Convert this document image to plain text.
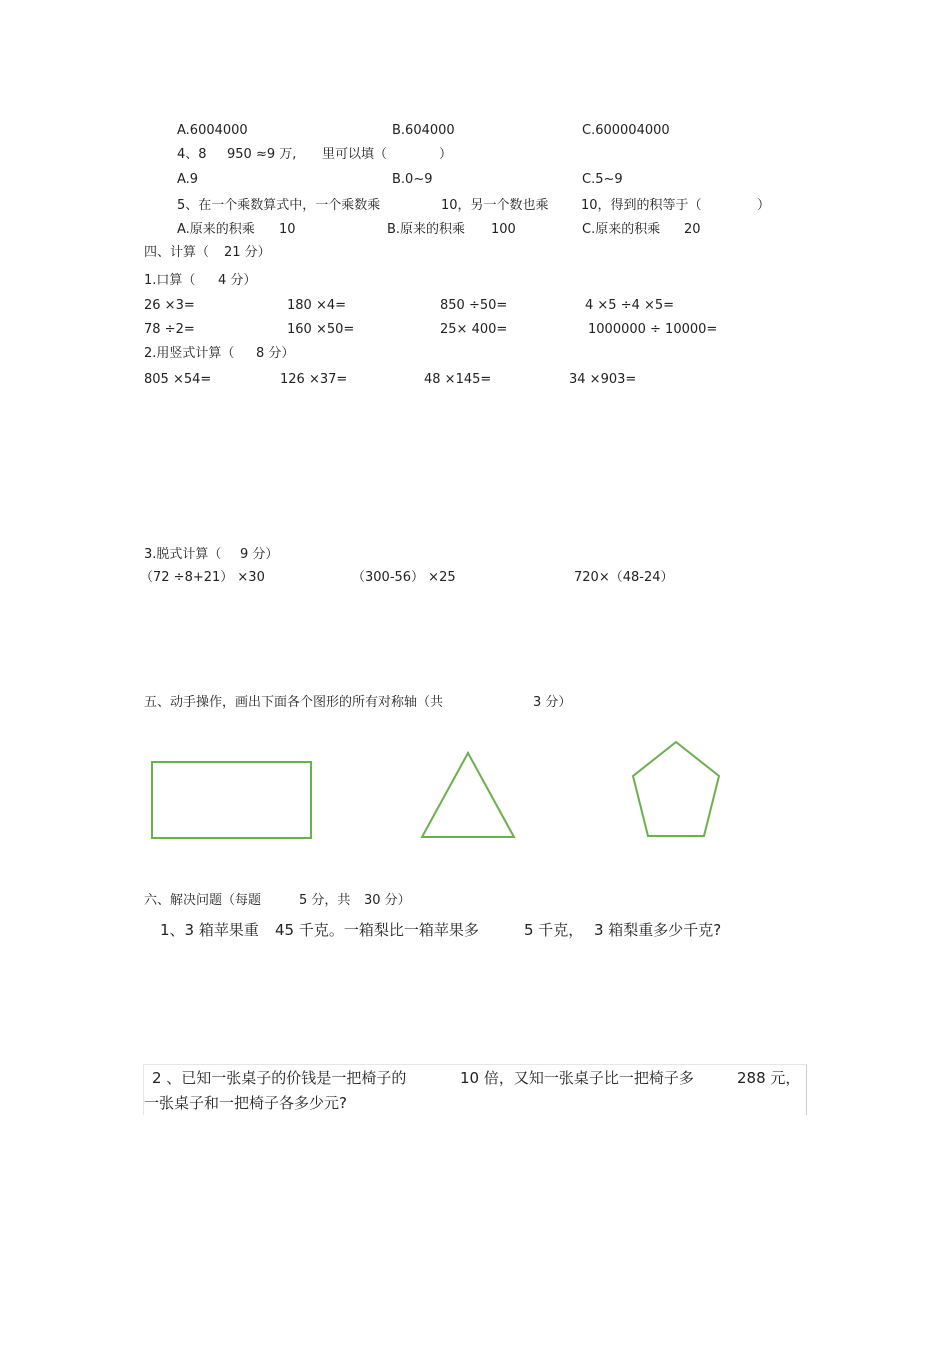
A.6004000	B.604000	C.600004000
4、8 950 ≈9 万, 里可以填（	）
A.9	B.0~9	C.5~9
5、在一个乘数算式中，一个乘数乘	10，另一个数也乘 10，得到的积等于（	）
A.原来的积乘 10	B.原来的积乘 100	C.原来的积乘 20
四、计算（ 21 分）
1.口算（ 4 分）
26 ×3=	180 ×4=	850 ÷50=	4 ×5 ÷4 ×5=
78 ÷2=	160 ×50=	25× 400=	1000000 ÷ 10000=
2.用竖式计算（ 8 分）
805 ×54=	126 ×37=	48 ×145=	34 ×903=
3.脱式计算（ 9 分）
（72 ÷8+21） ×30	（300-56） ×25	720×（48-24）
五、动手操作，画出下面各个图形的所有对称轴（共	3 分）
六、解决问题（每题	5 分，共 30 分）
1、3 箱苹果重 45 千克。一箱梨比一箱苹果多	5 千克， 3 箱梨重多少千克?
2 、已知一张桌子的价钱是一把椅子的	10 倍，又知一张桌子比一把椅子多	288 元，
一张桌子和一把椅子各多少元?
